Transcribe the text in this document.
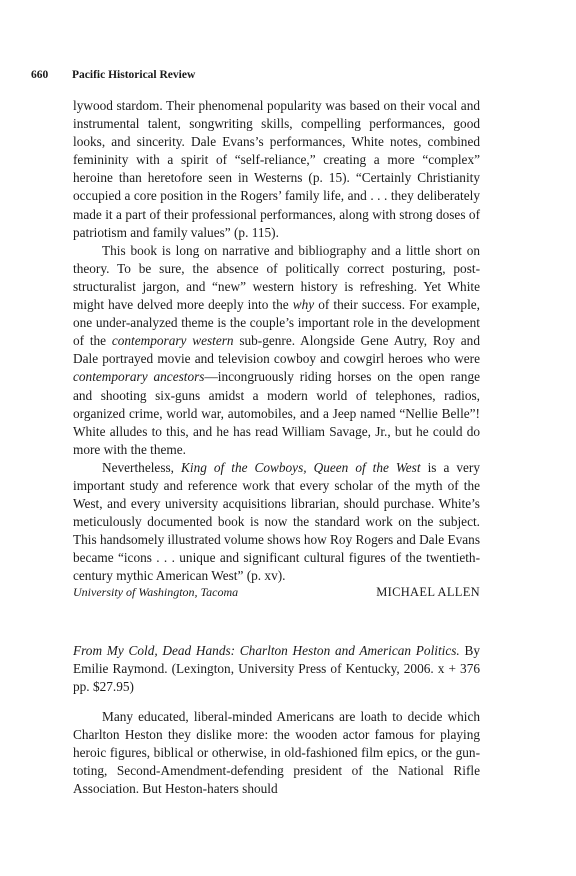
660 Pacific Historical Review

lywood stardom. Their phenomenal popularity was based on their vocal and instrumental talent, songwriting skills, compelling performances, good looks, and sincerity. Dale Evans’s performances, White notes, combined femininity with a spirit of “self-reliance,” creating a more “complex” heroine than heretofore seen in Westerns (p. 15). “Certainly Christianity occupied a core position in the Rogers’ family life, and . . . they deliberately made it a part of their professional performances, along with strong doses of patriotism and family values” (p. 115).

This book is long on narrative and bibliography and a little short on theory. To be sure, the absence of politically correct posturing, post-structuralist jargon, and “new” western history is refreshing. Yet White might have delved more deeply into the why of their success. For example, one under-analyzed theme is the couple’s important role in the development of the contemporary western sub-genre. Alongside Gene Autry, Roy and Dale portrayed movie and television cowboy and cowgirl heroes who were contemporary ancestors—incongruously riding horses on the open range and shooting six-guns amidst a modern world of telephones, radios, organized crime, world war, automobiles, and a Jeep named “Nellie Belle”! White alludes to this, and he has read William Savage, Jr., but he could do more with the theme.

Nevertheless, King of the Cowboys, Queen of the West is a very important study and reference work that every scholar of the myth of the West, and every university acquisitions librarian, should purchase. White’s meticulously documented book is now the standard work on the subject. This handsomely illustrated volume shows how Roy Rogers and Dale Evans became “icons . . . unique and significant cultural figures of the twentieth-century mythic American West” (p. xv).

University of Washington, Tacoma	MICHAEL ALLEN

From My Cold, Dead Hands: Charlton Heston and American Politics. By Emilie Raymond. (Lexington, University Press of Kentucky, 2006. x + 376 pp. $27.95)

Many educated, liberal-minded Americans are loath to decide which Charlton Heston they dislike more: the wooden actor famous for playing heroic figures, biblical or otherwise, in old-fashioned film epics, or the gun-toting, Second-Amendment-defending president of the National Rifle Association. But Heston-haters should
